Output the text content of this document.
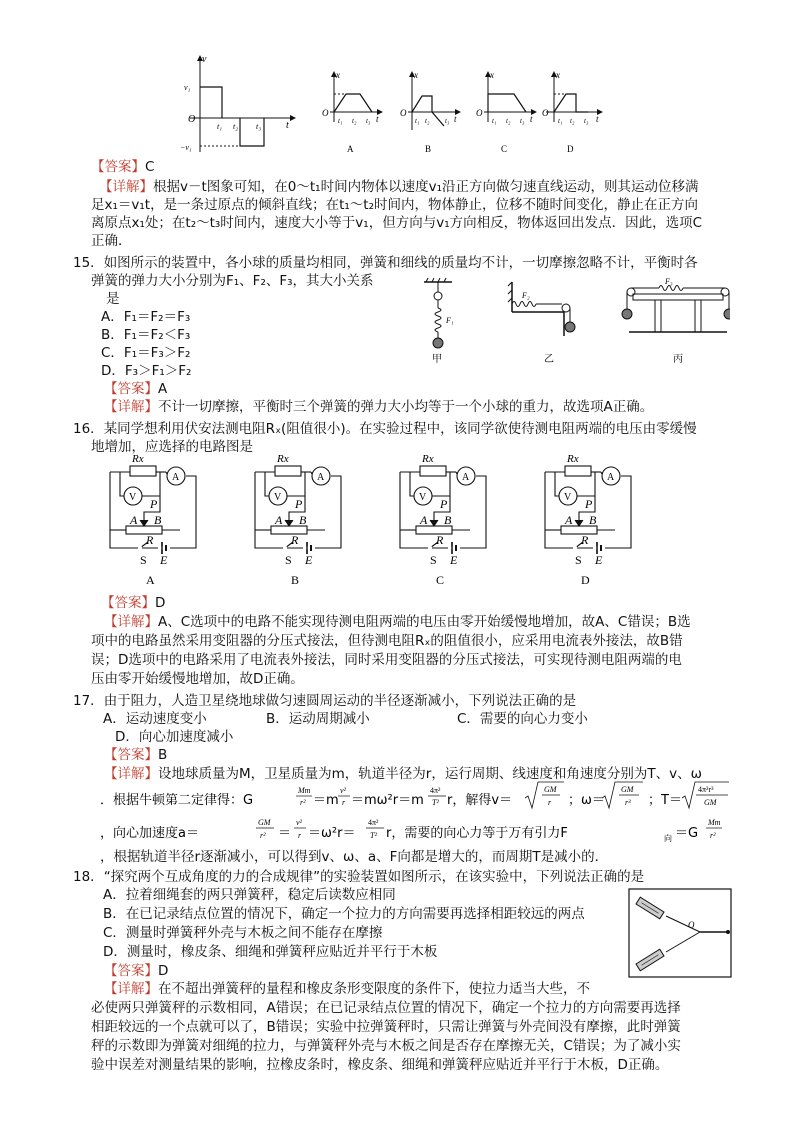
v
t
O
v₁
−v₁
t₁ t₂ t₃
x
t
O
t₁ t₂ t₃
A
x
t
O
t₁ t₂ t₃
B
x
t
O
t₁ t₂ t₃
C
x
t
O
t₁ t₂ t₃
D
【答案】C
【详解】根据v－t图象可知，在0～t₁时间内物体以速度v₁沿正方向做匀速直线运动，则其运动位移满
足x₁＝v₁t，是一条过原点的倾斜直线；在t₁～t₂时间内，物体静止，位移不随时间变化，静止在正方向
离原点x₁处；在t₂～t₃时间内，速度大小等于v₁，但方向与v₁方向相反，物体返回出发点．因此，选项C
正确．
15．如图所示的装置中，各小球的质量均相同，弹簧和细线的质量均不计，一切摩擦忽略不计，平衡时各
弹簧的弹力大小分别为F₁、F₂、F₃，其大小关系
是
A．F₁＝F₂＝F₃
B．F₁＝F₂＜F₃
C．F₁＝F₃＞F₂
D．F₃＞F₁＞F₂
【答案】A
【详解】不计一切摩擦，平衡时三个弹簧的弹力大小均等于一个小球的重力，故选项A正确。
F₁
甲
F₂
乙
F₃
丙
16．某同学想利用伏安法测电阻Rₓ(阻值很小)。在实验过程中，该同学欲使待测电阻两端的电压由零缓慢
地增加，应选择的电路图是
Rx
A
V P
A B
R
S E
A
Rx
A
V P
A B
R
S E
B
Rx
A
V P
A B
R
S E
C
Rx
A
V P
A B
R
S E
D
【答案】D
【详解】A、C选项中的电路不能实现待测电阻两端的电压由零开始缓慢地增加，故A、C错误；B选
项中的电路虽然采用变阻器的分压式接法，但待测电阻Rₓ的阻值很小，应采用电流表外接法，故B错
误；D选项中的电路采用了电流表外接法，同时采用变阻器的分压式接法，可实现待测电阻两端的电
压由零开始缓慢地增加，故D正确。
17．由于阻力，人造卫星绕地球做匀速圆周运动的半径逐渐减小，下列说法正确的是
A．运动速度变小	B．运动周期减小	C．需要的向心力变小
D．向心加速度减小
【答案】B
【详解】设地球质量为M，卫星质量为m，轨道半径为r，运行周期、线速度和角速度分别为T、v、ω
．根据牛顿第二定律得：G
Mm
r² ＝m
v²
r ＝mω²r＝m
4π²
T² r，解得v＝
GM
r ；ω＝
GM
r³ ；T＝
4π²r³
GM
，向心加速度a＝
GM
r² ＝
v²
r ＝ω²r＝
4π²
T² r，需要的向心力等于万有引力F	向 ＝G
Mm
r²
，根据轨道半径r逐渐减小，可以得到v、ω、a、F向都是增大的，而周期T是减小的．
18．“探究两个互成角度的力的合成规律”的实验装置如图所示，在该实验中，下列说法正确的是
A．拉着细绳套的两只弹簧秤，稳定后读数应相同
B．在已记录结点位置的情况下，确定一个拉力的方向需要再选择相距较远的两点
C．测量时弹簧秤外壳与木板之间不能存在摩擦
D．测量时，橡皮条、细绳和弹簧秤应贴近并平行于木板
【答案】D
【详解】在不超出弹簧秤的量程和橡皮条形变限度的条件下，使拉力适当大些，不
必使两只弹簧秤的示数相同，A错误；在已记录结点位置的情况下，确定一个拉力的方向需要再选择
相距较远的一个点就可以了，B错误；实验中拉弹簧秤时，只需让弹簧与外壳间没有摩擦，此时弹簧
秤的示数即为弹簧对细绳的拉力，与弹簧秤外壳与木板之间是否存在摩擦无关，C错误；为了减小实
验中误差对测量结果的影响，拉橡皮条时，橡皮条、细绳和弹簧秤应贴近并平行于木板，D正确。
O
